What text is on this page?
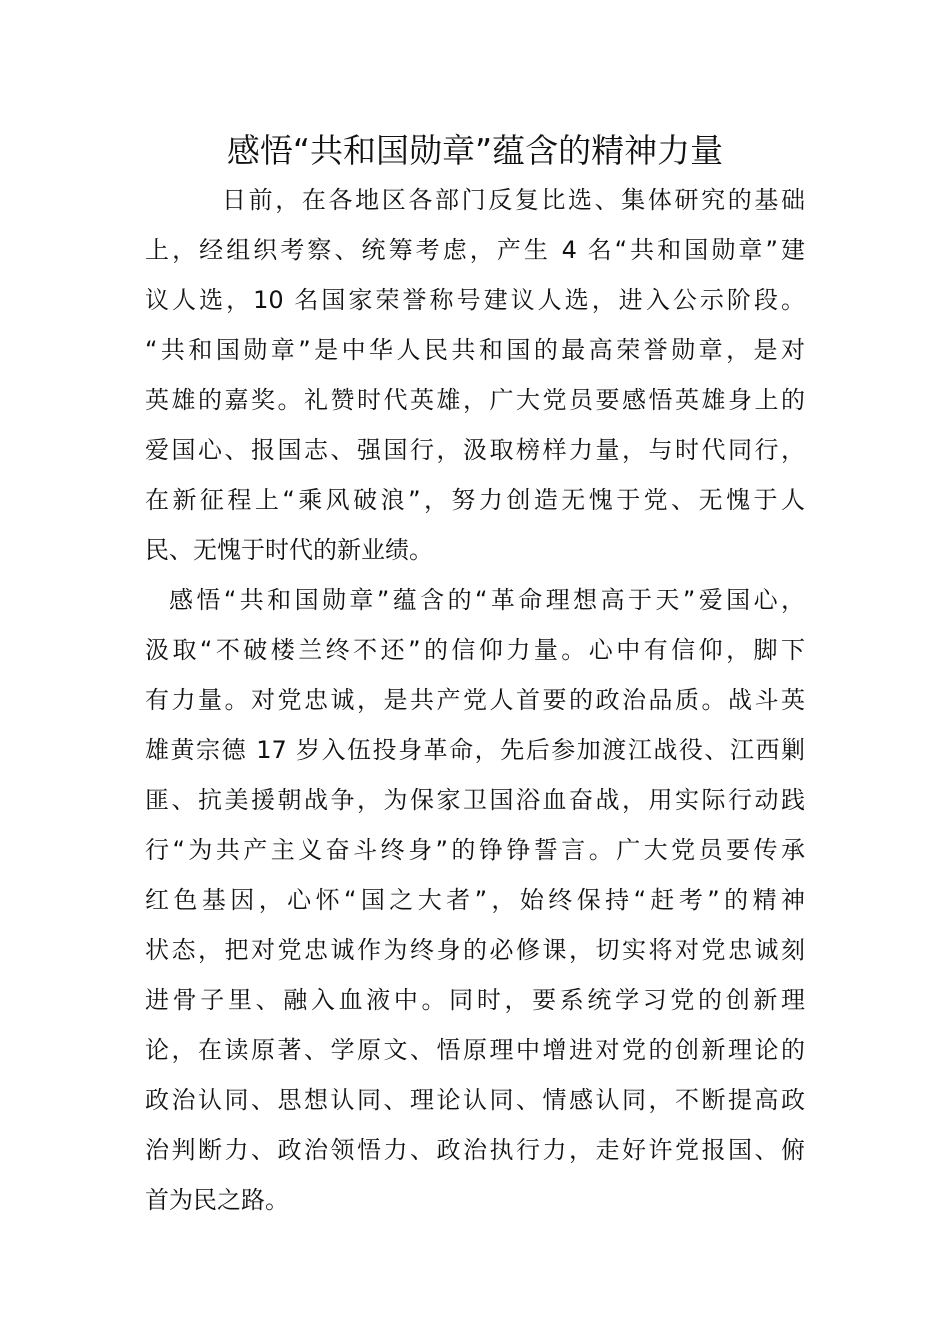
感悟“共和国勋章”蕴含的精神力量
日前，在各地区各部门反复比选、集体研究的基础
上，经组织考察、统筹考虑，产生 4 名“共和国勋章”建
议人选，10 名国家荣誉称号建议人选，进入公示阶段。
“共和国勋章”是中华人民共和国的最高荣誉勋章，是对
英雄的嘉奖。礼赞时代英雄，广大党员要感悟英雄身上的
爱国心、报国志、强国行，汲取榜样力量，与时代同行，
在新征程上“乘风破浪”，努力创造无愧于党、无愧于人
民、无愧于时代的新业绩。
感悟“共和国勋章”蕴含的“革命理想高于天”爱国心，
汲取“不破楼兰终不还”的信仰力量。心中有信仰，脚下
有力量。对党忠诚，是共产党人首要的政治品质。战斗英
雄黄宗德 17 岁入伍投身革命，先后参加渡江战役、江西剿
匪、抗美援朝战争，为保家卫国浴血奋战，用实际行动践
行“为共产主义奋斗终身”的铮铮誓言。广大党员要传承
红色基因，心怀“国之大者”，始终保持“赶考”的精神
状态，把对党忠诚作为终身的必修课，切实将对党忠诚刻
进骨子里、融入血液中。同时，要系统学习党的创新理
论，在读原著、学原文、悟原理中增进对党的创新理论的
政治认同、思想认同、理论认同、情感认同，不断提高政
治判断力、政治领悟力、政治执行力，走好许党报国、俯
首为民之路。
